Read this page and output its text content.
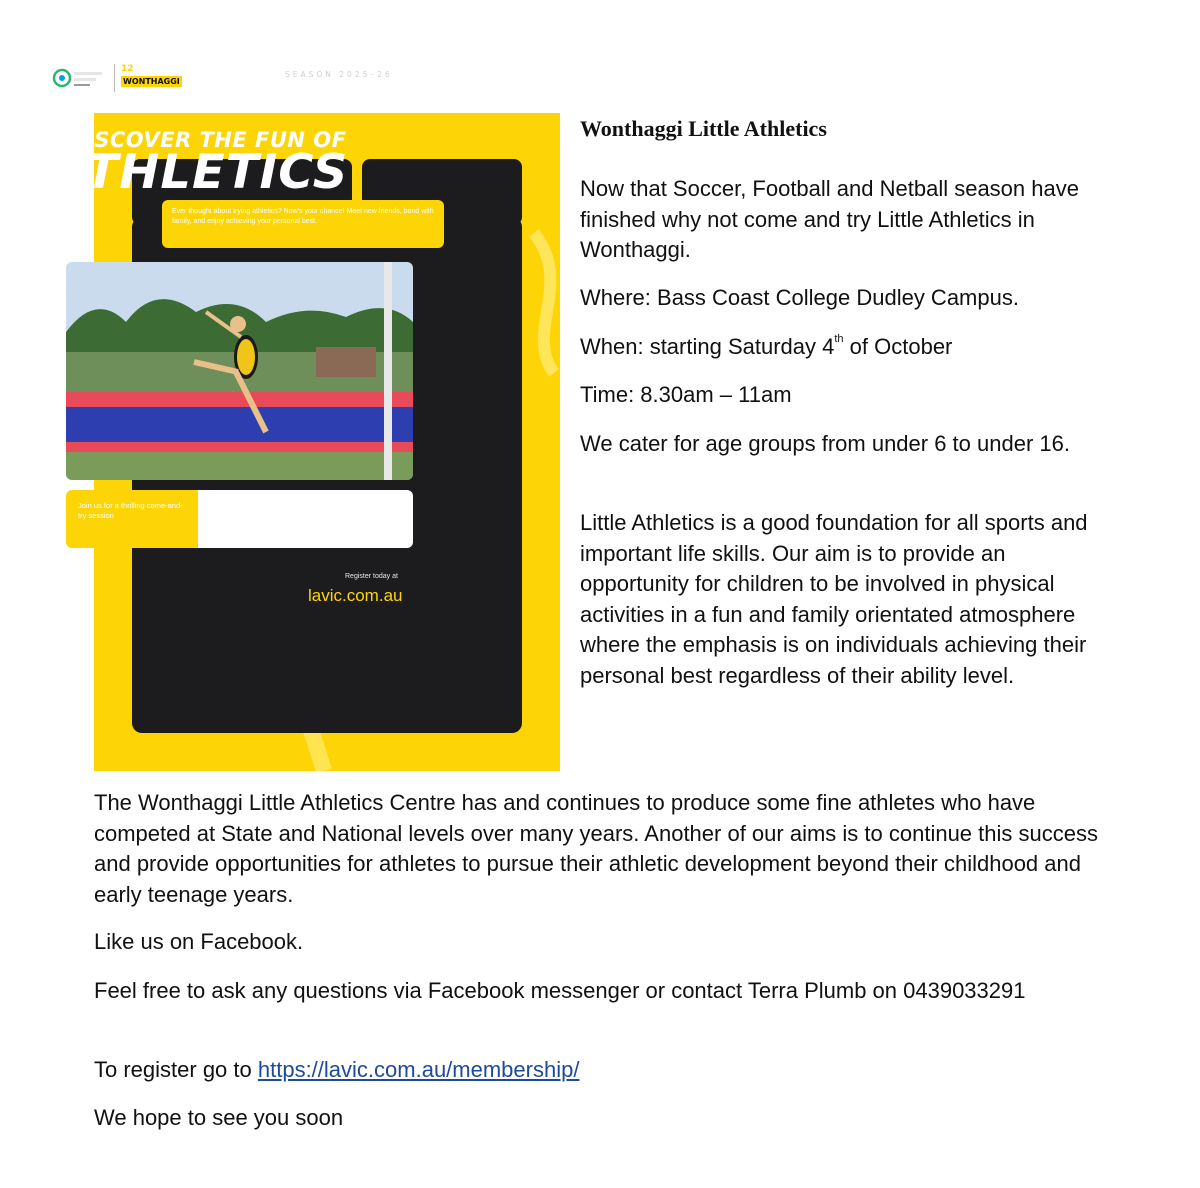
12
WONTHAGGI
SEASON 2025–26
DISCOVER THE FUN OF
ATHLETICS
Ever thought about trying athletics? Now's your chance! Meet new friends, bond with family, and enjoy achieving your personal best.
Join us for a thrilling come-and-try session
Register today at
lavic.com.au
Wonthaggi Little Athletics

Now that Soccer, Football and Netball season have finished why not come and try Little Athletics in Wonthaggi.

Where: Bass Coast College Dudley Campus.

When: starting Saturday 4th of October

Time: 8.30am – 11am

We cater for age groups from under 6 to under 16.

Little Athletics is a good foundation for all sports and important life skills. Our aim is to provide an opportunity for children to be involved in physical activities in a fun and family orientated atmosphere where the emphasis is on individuals achieving their personal best regardless of their ability level.

The Wonthaggi Little Athletics Centre has and continues to produce some fine athletes who have competed at State and National levels over many years. Another of our aims is to continue this success and provide opportunities for athletes to pursue their athletic development beyond their childhood and early teenage years.

Like us on Facebook.

Feel free to ask any questions via Facebook messenger or contact Terra Plumb on 0439033291

To register go to https://lavic.com.au/membership/

We hope to see you soon
